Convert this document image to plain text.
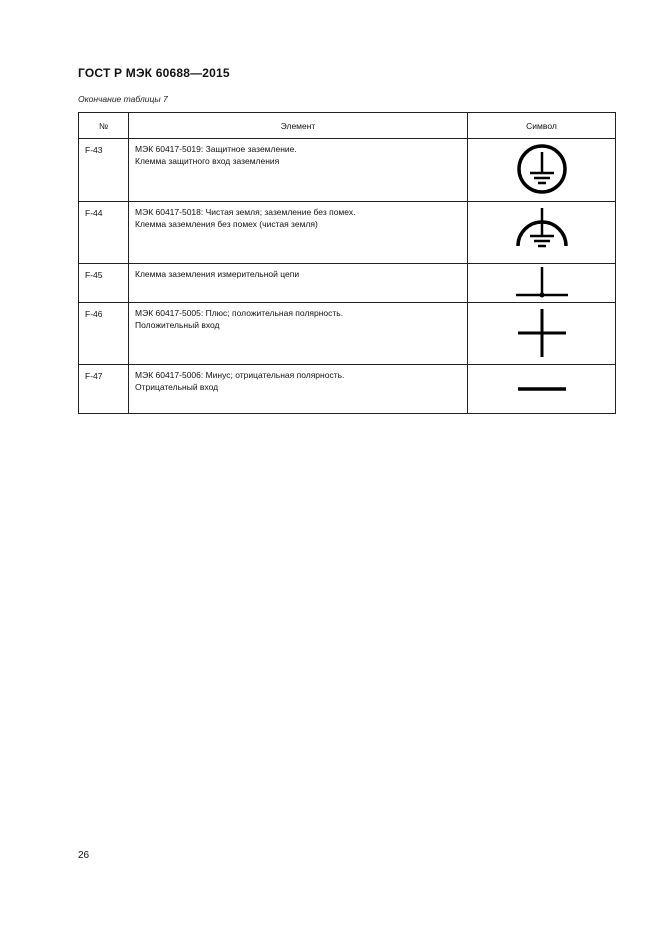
ГОСТ Р МЭК 60688—2015
Окончание таблицы 7
№	Элемент	Символ
F-43	МЭК 60417-5019: Защитное заземление.
Клемма защитного вход заземления

F-44	МЭК 60417-5018: Чистая земля; заземление без помех.
Клемма заземления без помех (чистая земля)

F-45	Клемма заземления измерительной цепи

F-46	МЭК 60417-5005: Плюс; положительная полярность.
Положительный вход

F-47	МЭК 60417-5006: Минус; отрицательная полярность.
Отрицательный вход

26
